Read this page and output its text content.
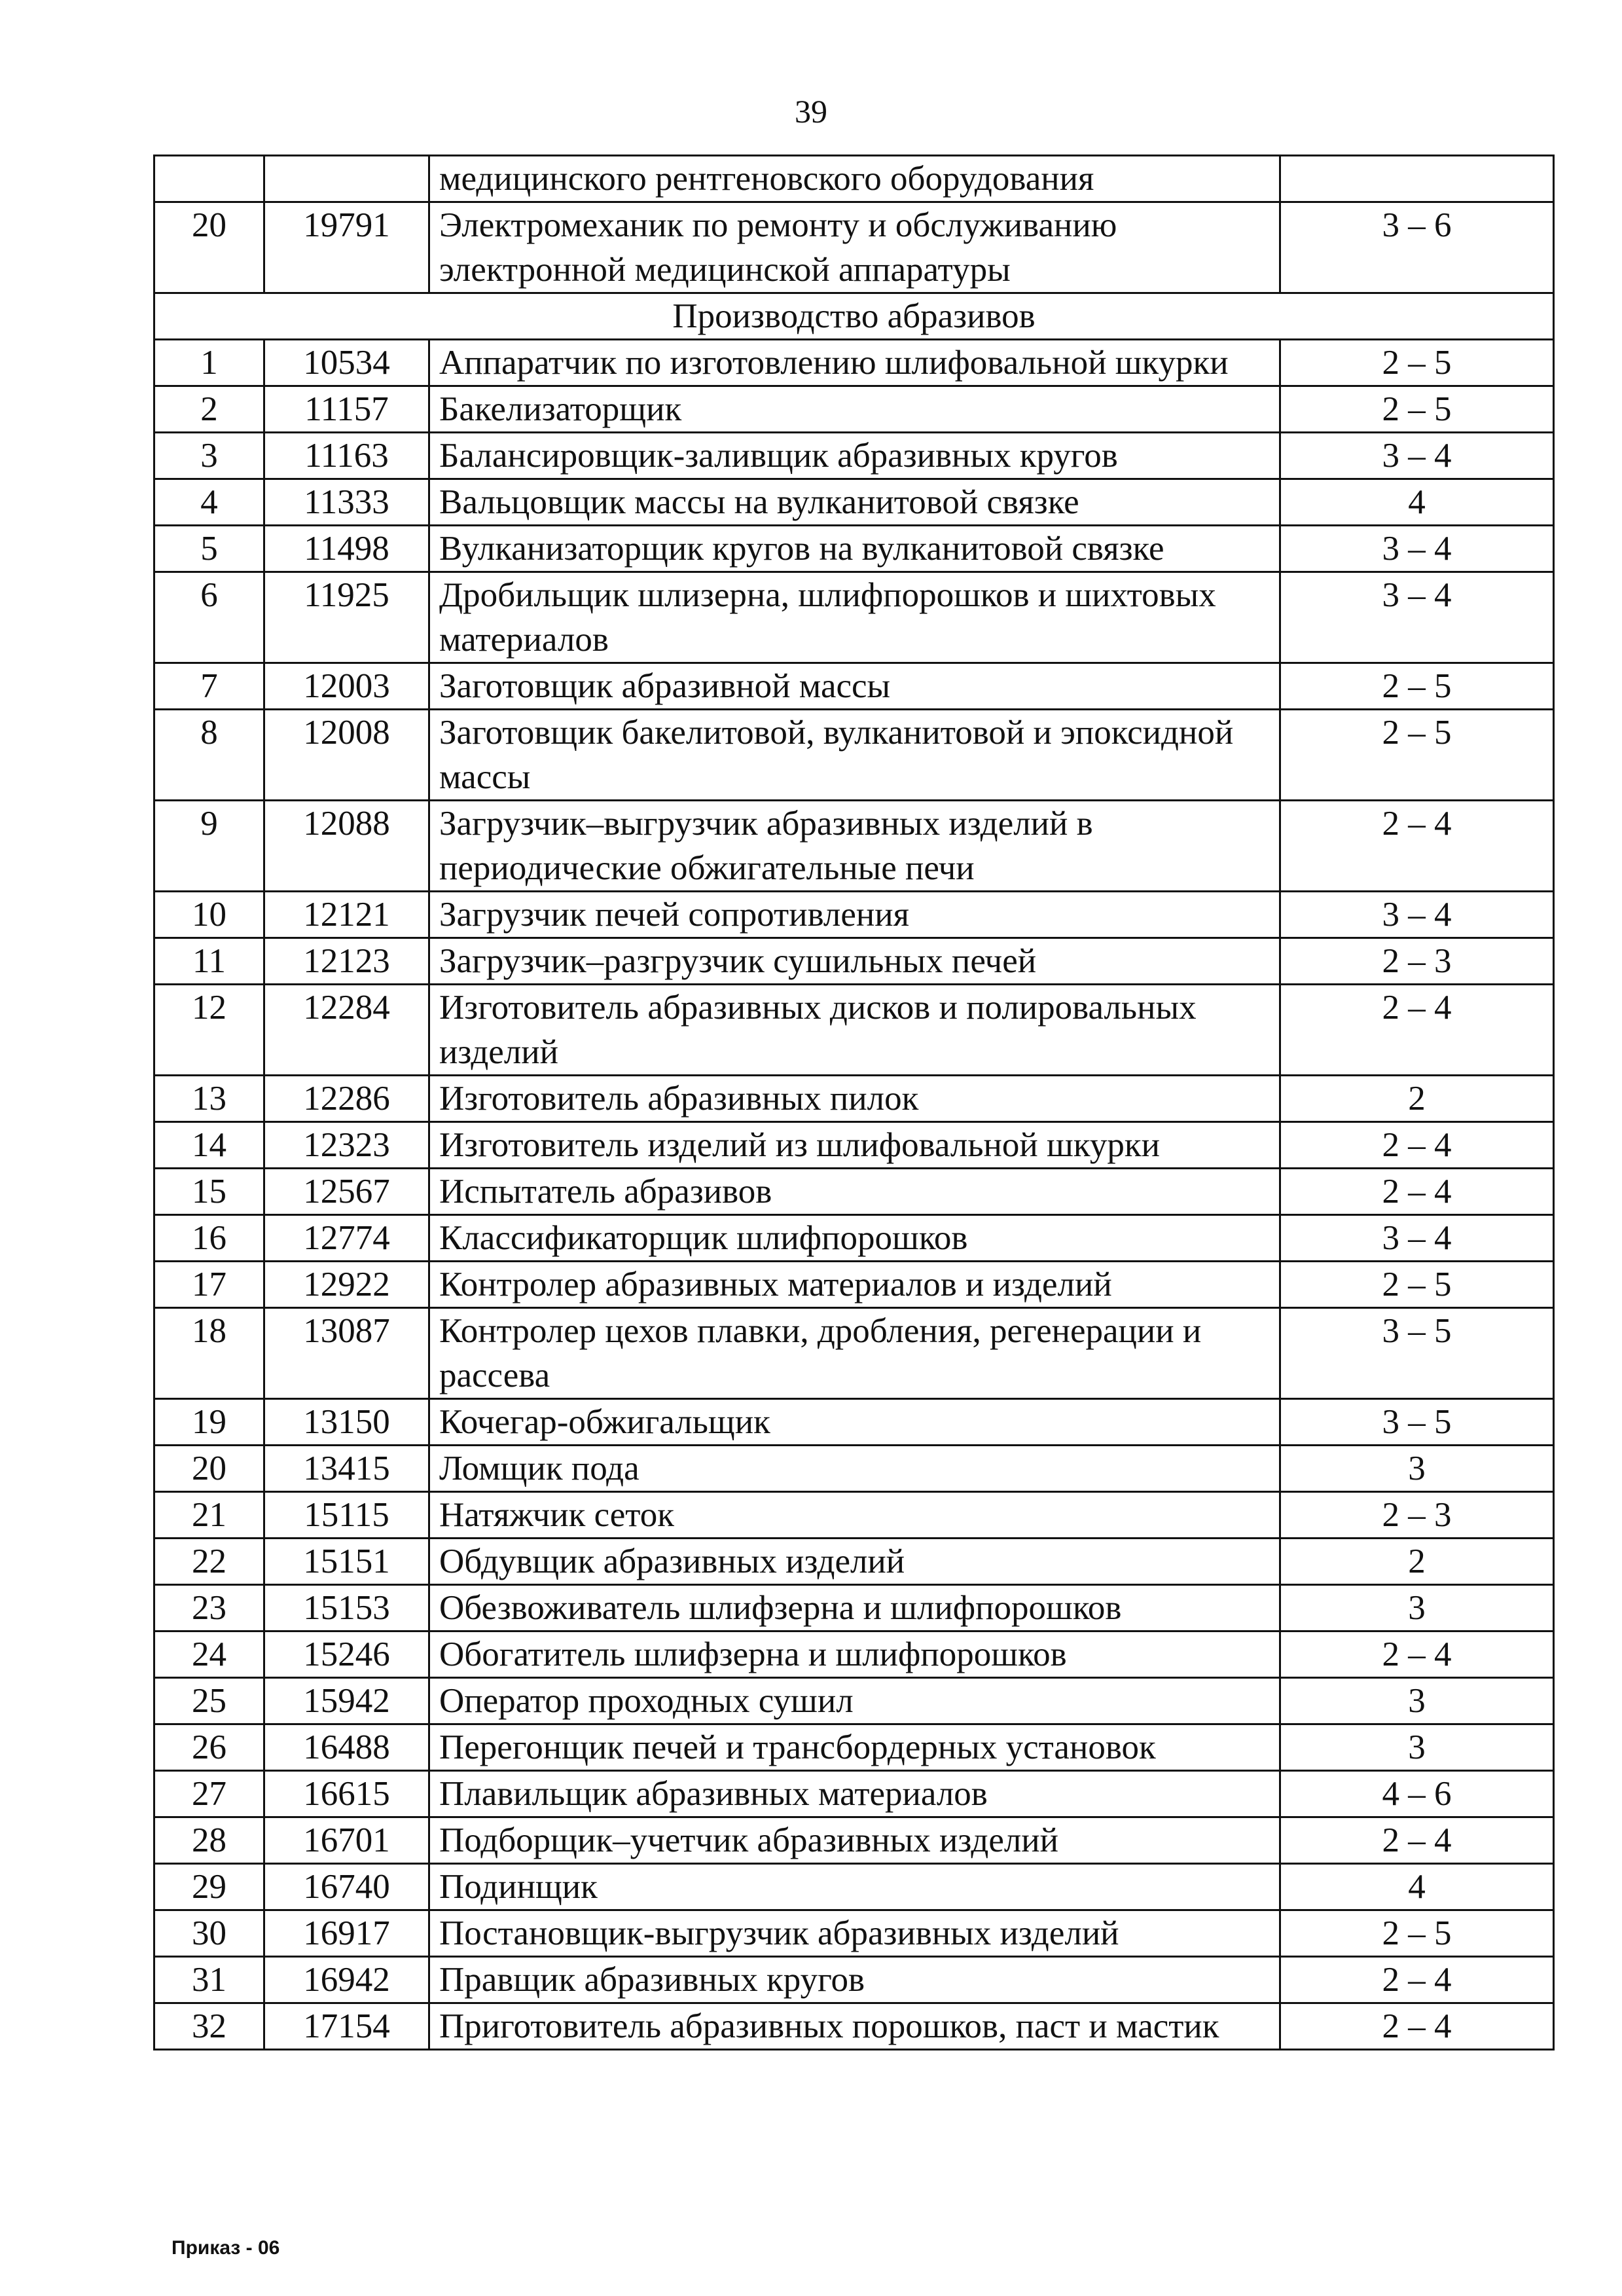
39
		медицинского рентгеновского оборудования	
20	19791	Электромеханик по ремонту и обслуживанию электронной медицинской аппаратуры	3 – 6
Производство абразивов			
1	10534	Аппаратчик по изготовлению шлифовальной шкурки	2 – 5
2	11157	Бакелизаторщик	2 – 5
3	11163	Балансировщик-заливщик абразивных кругов	3 – 4
4	11333	Вальцовщик массы на вулканитовой связке	4
5	11498	Вулканизаторщик кругов на вулканитовой связке	3 – 4
6	11925	Дробильщик шлизерна, шлифпорошков и шихтовых материалов	3 – 4
7	12003	Заготовщик абразивной массы	2 – 5
8	12008	Заготовщик бакелитовой, вулканитовой и эпоксидной массы	2 – 5
9	12088	Загрузчик–выгрузчик абразивных изделий в периодические обжигательные печи	2 – 4
10	12121	Загрузчик печей сопротивления	3 – 4
11	12123	Загрузчик–разгрузчик сушильных печей	2 – 3
12	12284	Изготовитель абразивных дисков и полировальных изделий	2 – 4
13	12286	Изготовитель абразивных пилок	2
14	12323	Изготовитель изделий из шлифовальной шкурки	2 – 4
15	12567	Испытатель абразивов	2 – 4
16	12774	Классификаторщик шлифпорошков	3 – 4
17	12922	Контролер абразивных материалов и изделий	2 – 5
18	13087	Контролер цехов плавки, дробления, регенерации и рассева	3 – 5
19	13150	Кочегар-обжигальщик	3 – 5
20	13415	Ломщик пода	3
21	15115	Натяжчик сеток	2 – 3
22	15151	Обдувщик абразивных изделий	2
23	15153	Обезвоживатель шлифзерна и шлифпорошков	3
24	15246	Обогатитель шлифзерна и шлифпорошков	2 – 4
25	15942	Оператор проходных сушил	3
26	16488	Перегонщик печей и трансбордерных установок	3
27	16615	Плавильщик абразивных материалов	4 – 6
28	16701	Подборщик–учетчик абразивных изделий	2 – 4
29	16740	Подинщик	4
30	16917	Постановщик-выгрузчик абразивных изделий	2 – 5
31	16942	Правщик абразивных кругов	2 – 4
32	17154	Приготовитель абразивных порошков, паст и мастик	2 – 4
Приказ - 06
